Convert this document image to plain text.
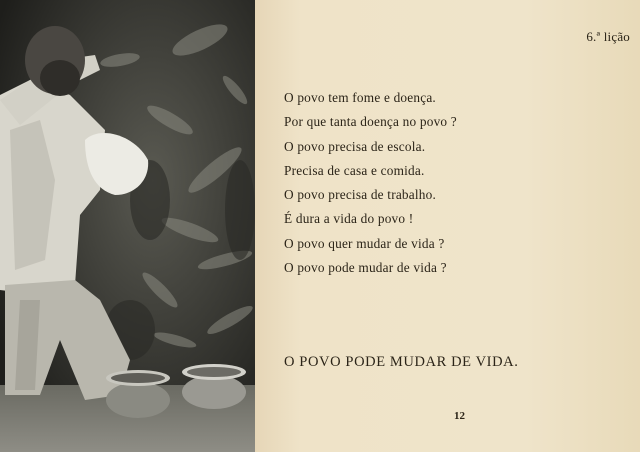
6.ª lição
O povo tem fome e doença.
Por que tanta doença no povo ?
O povo precisa de escola.
Precisa de casa e comida.
O povo precisa de trabalho.
É dura a vida do povo !
O povo quer mudar de vida ?
O povo pode mudar de vida ?
O POVO PODE MUDAR DE VIDA.
12
